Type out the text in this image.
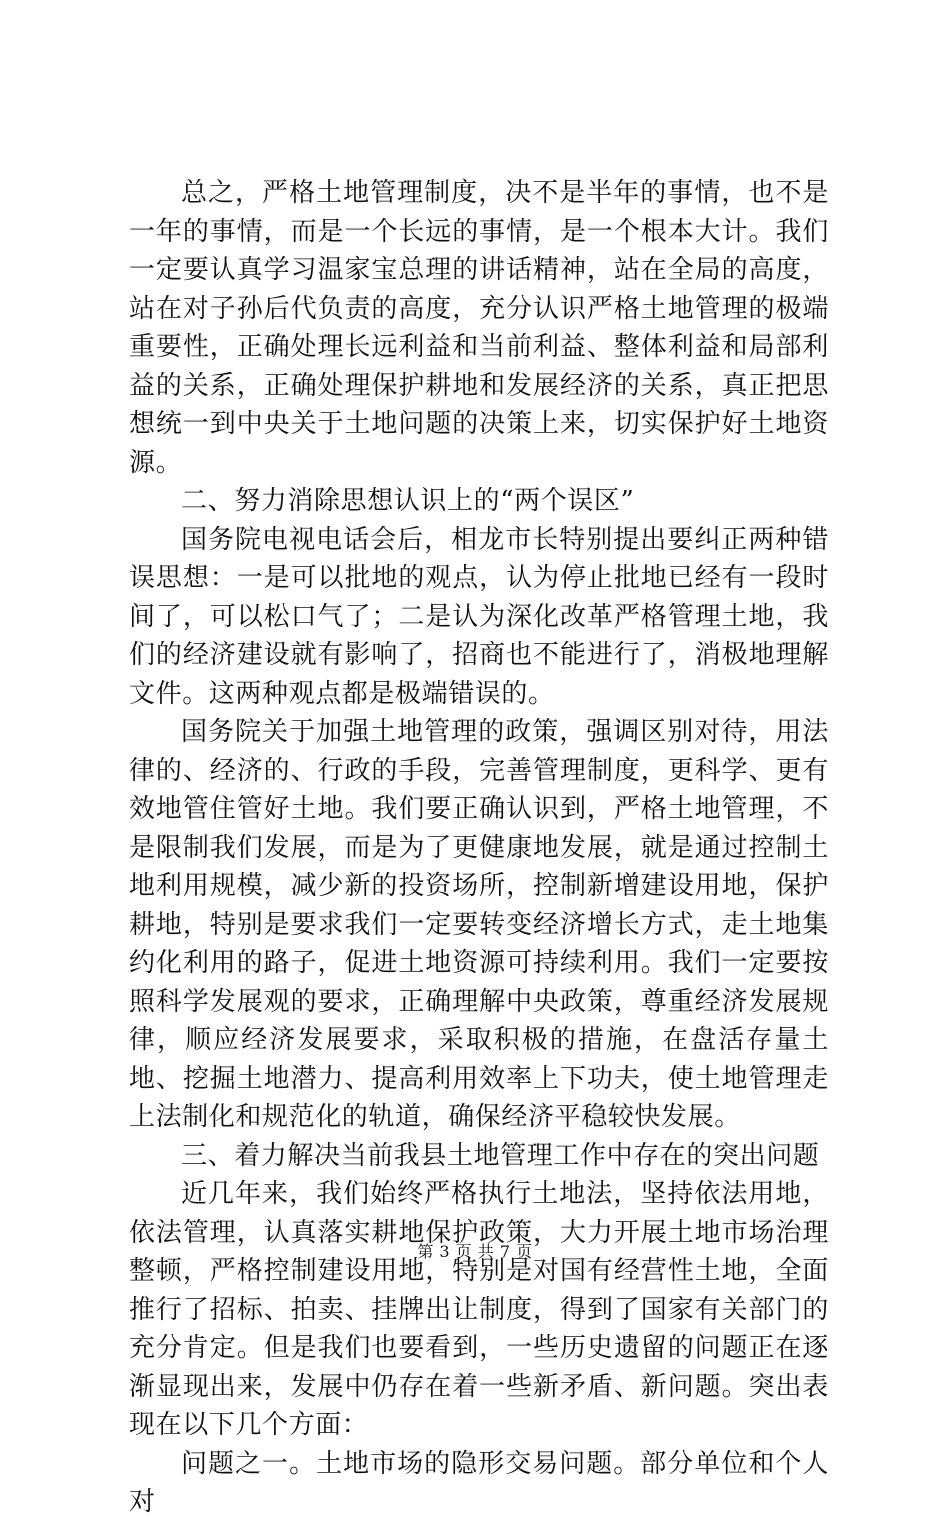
总之，严格土地管理制度，决不是半年的事情，也不是一年的事情，而是一个长远的事情，是一个根本大计。我们一定要认真学习温家宝总理的讲话精神，站在全局的高度，站在对子孙后代负责的高度，充分认识严格土地管理的极端重要性，正确处理长远利益和当前利益、整体利益和局部利益的关系，正确处理保护耕地和发展经济的关系，真正把思想统一到中央关于土地问题的决策上来，切实保护好土地资源。

二、努力消除思想认识上的“两个误区”

国务院电视电话会后，相龙市长特别提出要纠正两种错误思想：一是可以批地的观点，认为停止批地已经有一段时间了，可以松口气了；二是认为深化改革严格管理土地，我们的经济建设就有影响了，招商也不能进行了，消极地理解文件。这两种观点都是极端错误的。

国务院关于加强土地管理的政策，强调区别对待，用法律的、经济的、行政的手段，完善管理制度，更科学、更有效地管住管好土地。我们要正确认识到，严格土地管理，不是限制我们发展，而是为了更健康地发展，就是通过控制土地利用规模，减少新的投资场所，控制新增建设用地，保护耕地，特别是要求我们一定要转变经济增长方式，走土地集约化利用的路子，促进土地资源可持续利用。我们一定要按照科学发展观的要求，正确理解中央政策，尊重经济发展规律，顺应经济发展要求，采取积极的措施，在盘活存量土地、挖掘土地潜力、提高利用效率上下功夫，使土地管理走上法制化和规范化的轨道，确保经济平稳较快发展。

三、着力解决当前我县土地管理工作中存在的突出问题

近几年来，我们始终严格执行土地法，坚持依法用地，依法管理，认真落实耕地保护政策，大力开展土地市场治理整顿，严格控制建设用地，特别是对国有经营性土地，全面推行了招标、拍卖、挂牌出让制度，得到了国家有关部门的充分肯定。但是我们也要看到，一些历史遗留的问题正在逐渐显现出来，发展中仍存在着一些新矛盾、新问题。突出表现在以下几个方面：

问题之一。土地市场的隐形交易问题。部分单位和个人对

第 3 页 共 7 页
